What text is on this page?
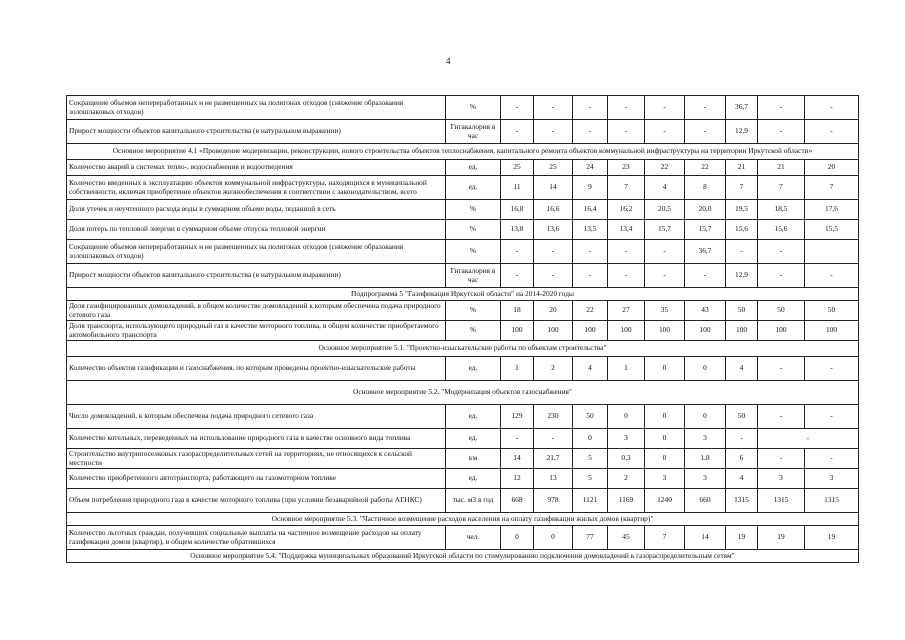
4
Сокращение объемов непереработанных и не размещенных на полигонах отходов (снижение образования золошлаковых отходов)	%	-	-	-	-	-	-	36,7	-	-	
Прирост мощности объектов капитального строительства (в натуральном выражении)	Гигакалория в час	-	-	-	-	-	-	12,9	-	-	
Основное мероприятие 4.1 «Проведение модернизации, реконструкции, нового строительства объектов теплоснабжения, капитального ремонта объектов коммунальной инфраструктуры на территории Иркутской области»											
Количество аварий в системах тепло-, водоснабжения и водоотведения	ед.	25	25	24	23	22	22	21	21	20	
Количество введенных в эксплуатацию объектов коммунальной инфраструктуры, находящихся в муниципальной собственности, включая приобретение объектов жизнеобеспечения в соответствии с законодательством, всего	ед.	11	14	9	7	4	8	7	7	7	
Доля утечек и неучтенного расхода воды в суммарном объеме воды, поданной в сеть	%	16,8	16,6	16,4	16,2	20,5	20,0	19,5	18,5	17,6	
Доля потерь по тепловой энергии в суммарном объеме отпуска тепловой энергии	%	13,8	13,6	13,5	13,4	15,7	15,7	15,6	15,6	15,5	
Сокращение объемов непереработанных и не размещенных на полигонах отходов (снижение образования золошлаковых отходов)	%	-	-	-	-	-	36,7	-	-		
Прирост мощности объектов капитального строительства (в натуральном выражении)	Гигакалория в час	-	-	-	-	-	-	12,9	-	-	
Подпрограмма 5 "Газификация Иркутской области" на 2014-2020 годы											
Доля газифицированных домовладений, в общем количестве домовладений к которым обеспечена подача природного сетевого газа	%	18	20	22	27	35	43	50	50	50	
Доля транспорта, использующего природный газ в качестве моторного топлива, в общем количестве приобретаемого автомобильного транспорта	%	100	100	100	100	100	100	100	100	100	
Основное мероприятие 5.1. "Проектно-изыскательские работы по объектам строительства"											
Количество объектов газификации и газоснабжения, по которым проведены проектно-изыскательские работы	ед.	1	2	4	1	0	0	4	-	-	
Основное мероприятие 5.2. "Модернизация объектов газоснабжения"											
Число домовладений, к которым обеспечена подача природного сетевого газа	ед.	129	230	50	0	0	0	50	-	-	
Количество котельных, переведенных на использование природного газа в качестве основного вида топлива	ед.	-	-	0	3	0	3	-	-		
Строительство внутрипоселковых газораспределительных сетей на территориях, не относящихся к сельской местности	км	14	21,7	5	0,3	0	1,8	6	-	-	
Количество приобретенного автотранспорта, работающего на газомоторном топливе	ед.	12	13	5	2	3	3	4	3	3	
Объем потребления природного газа в качестве моторного топлива (при условии безаварийной работы АГНКС)	тыс. м3 в год	668	978	1121	1169	1240	660	1315	1315	1315	
Основное мероприятие 5.3. "Частичное возмещение расходов населения на оплату газификации жилых домов (квартир)"											
Количество льготных граждан, получивших социальные выплаты на частичное возмещение расходов на оплату газификации домов (квартир), в общем количестве обратившихся	чел.	0	0	77	45	7	14	19	19	19	
Основное мероприятие 5.4. "Поддержка муниципальных образований Иркутской области по стимулированию подключения домовладений к газораспределительным сетям"											
